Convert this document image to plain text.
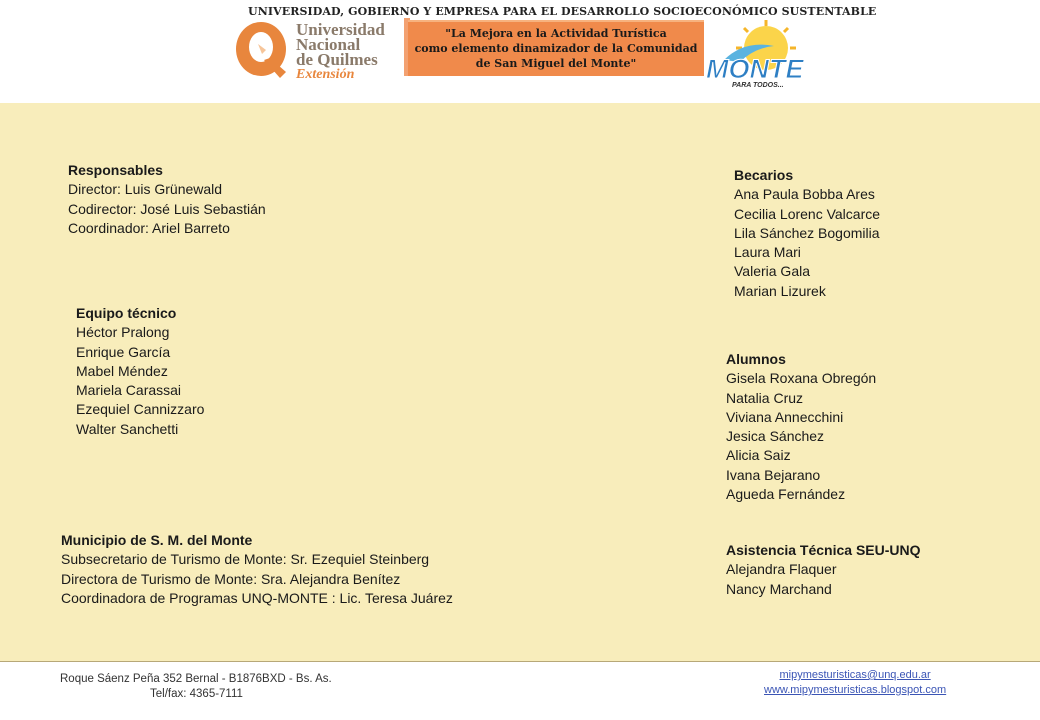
UNIVERSIDAD, GOBIERNO Y EMPRESA PARA EL DESARROLLO SOCIOECONÓMICO SUSTENTABLE
Universidad
Nacional
de Quilmes
Extensión
"La Mejora en la Actividad Turística
como elemento dinamizador de la Comunidad
de San Miguel del Monte"	MONTE
PARA TODOS...
Responsables
Director: Luis Grünewald
Codirector: José Luis Sebastián
Coordinador: Ariel Barreto
Becarios
Ana Paula Bobba Ares
Cecilia Lorenc Valcarce
Lila Sánchez Bogomilia
Laura Mari
Valeria Gala
Marian Lizurek
Equipo técnico
Héctor Pralong
Enrique García
Mabel Méndez
Mariela Carassai
Ezequiel Cannizzaro
Walter Sanchetti
Alumnos
Gisela Roxana Obregón
Natalia Cruz
Viviana Annecchini
Jesica Sánchez
Alicia Saiz
Ivana Bejarano
Agueda Fernández
Municipio de S. M. del Monte
Subsecretario de Turismo de Monte: Sr. Ezequiel Steinberg
Directora de Turismo de Monte: Sra. Alejandra Benítez
Coordinadora de Programas UNQ-MONTE : Lic. Teresa Juárez
Asistencia Técnica SEU-UNQ
Alejandra Flaquer
Nancy Marchand
Roque Sáenz Peña 352 Bernal - B1876BXD - Bs. As.
Tel/fax: 4365-7111
mipymesturisticas@unq.edu.ar
www.mipymesturisticas.blogspot.com
